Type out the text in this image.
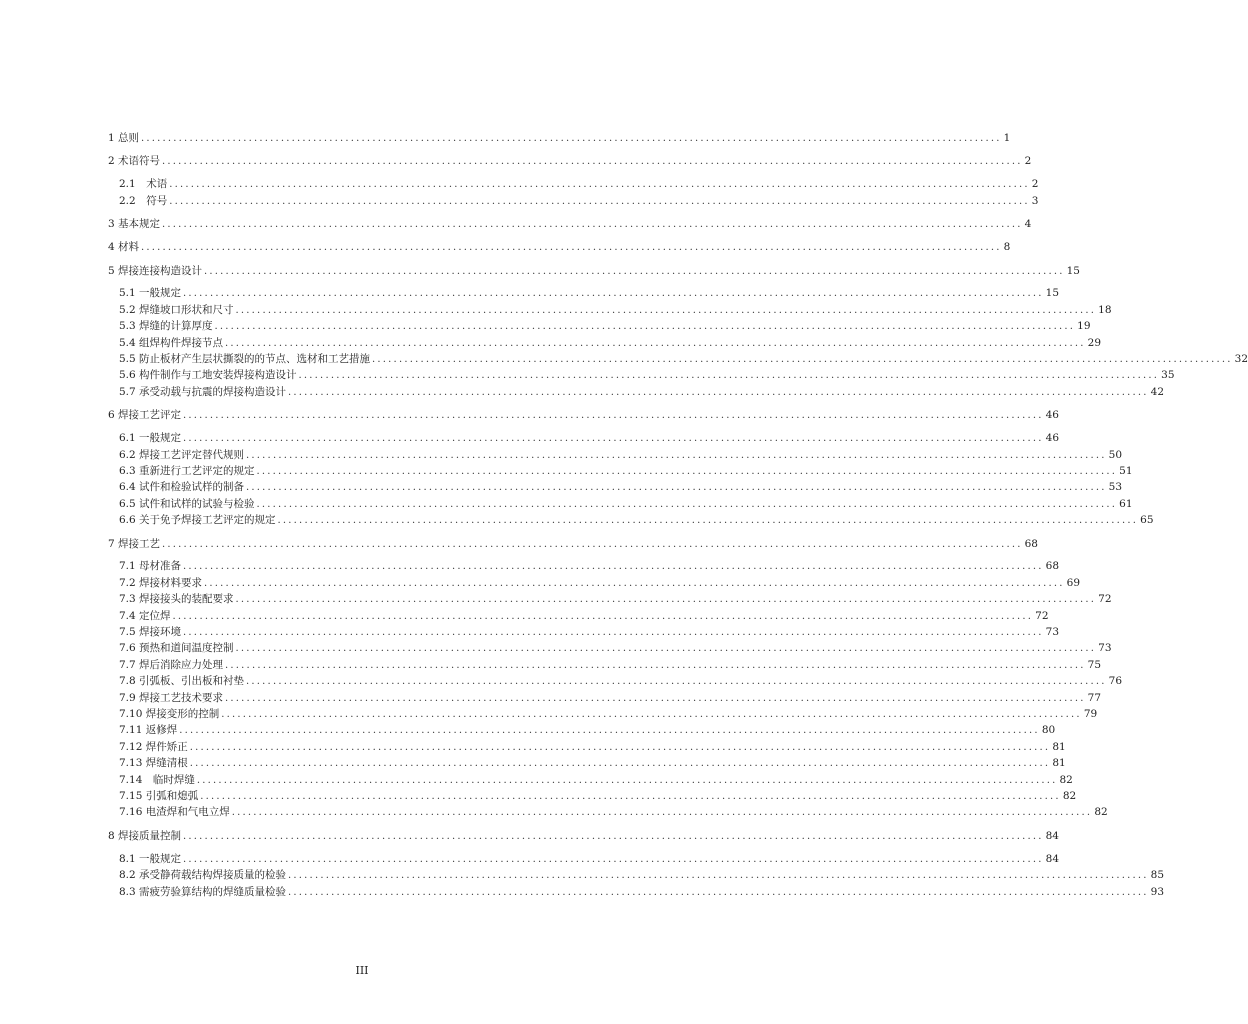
1 总则 ................................................................................................................................................................ 1
2 术语符号 ................................................................................................................................................................ 2
2.1　术语 ................................................................................................................................................................ 2
2.2　符号 ................................................................................................................................................................ 3
3 基本规定 ................................................................................................................................................................ 4
4 材料 ................................................................................................................................................................ 8
5 焊接连接构造设计 ................................................................................................................................................................ 15
5.1 一般规定 ................................................................................................................................................................ 15
5.2 焊缝坡口形状和尺寸 ................................................................................................................................................................ 18
5.3 焊缝的计算厚度 ................................................................................................................................................................ 19
5.4 组焊构件焊接节点 ................................................................................................................................................................ 29
5.5 防止板材产生层状撕裂的的节点、选材和工艺措施 ................................................................................................................................................................ 32
5.6 构件制作与工地安装焊接构造设计 ................................................................................................................................................................ 35
5.7 承受动载与抗震的焊接构造设计 ................................................................................................................................................................ 42
6 焊接工艺评定 ................................................................................................................................................................ 46
6.1 一般规定 ................................................................................................................................................................ 46
6.2 焊接工艺评定替代规则 ................................................................................................................................................................ 50
6.3 重新进行工艺评定的规定 ................................................................................................................................................................ 51
6.4 试件和检验试样的制备 ................................................................................................................................................................ 53
6.5 试件和试样的试验与检验 ................................................................................................................................................................ 61
6.6 关于免予焊接工艺评定的规定 ................................................................................................................................................................ 65
7 焊接工艺 ................................................................................................................................................................ 68
7.1 母材准备 ................................................................................................................................................................ 68
7.2 焊接材料要求 ................................................................................................................................................................ 69
7.3 焊接接头的装配要求 ................................................................................................................................................................ 72
7.4 定位焊 ................................................................................................................................................................ 72
7.5 焊接环境 ................................................................................................................................................................ 73
7.6 预热和道间温度控制 ................................................................................................................................................................ 73
7.7 焊后消除应力处理 ................................................................................................................................................................ 75
7.8 引弧板、引出板和衬垫 ................................................................................................................................................................ 76
7.9 焊接工艺技术要求 ................................................................................................................................................................ 77
7.10 焊接变形的控制 ................................................................................................................................................................ 79
7.11 返修焊 ................................................................................................................................................................ 80
7.12 焊件矫正 ................................................................................................................................................................ 81
7.13 焊缝清根 ................................................................................................................................................................ 81
7.14　临时焊缝 ................................................................................................................................................................ 82
7.15 引弧和熄弧 ................................................................................................................................................................ 82
7.16 电渣焊和气电立焊 ................................................................................................................................................................ 82
8 焊接质量控制 ................................................................................................................................................................ 84
8.1 一般规定 ................................................................................................................................................................ 84
8.2 承受静荷载结构焊接质量的检验 ................................................................................................................................................................ 85
8.3 需疲劳验算结构的焊缝质量检验 ................................................................................................................................................................ 93
III
